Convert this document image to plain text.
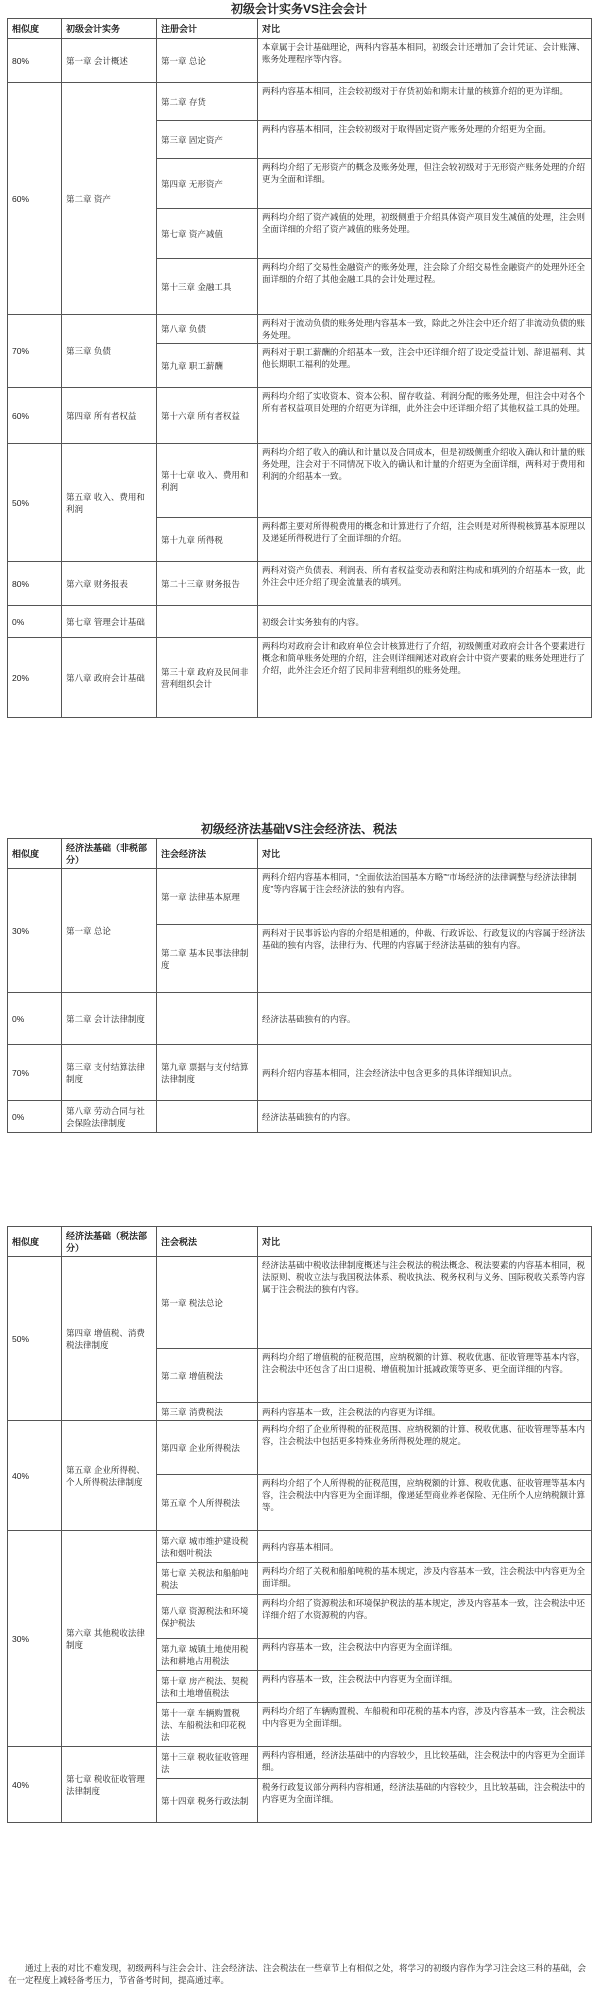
初级会计实务VS注会会计
相似度	初级会计实务	注册会计	对比
80%	第一章 会计概述	第一章 总论	本章属于会计基础理论，两科内容基本相同，初级会计还增加了会计凭证、会计账簿、账务处理程序等内容。
60%	第二章 资产	第二章 存货	两科内容基本相同，注会较初级对于存货初始和期末计量的核算介绍的更为详细。
		第三章 固定资产	两科内容基本相同，注会较初级对于取得固定资产账务处理的介绍更为全面。
		第四章 无形资产	两科均介绍了无形资产的概念及账务处理，但注会较初级对于无形资产账务处理的介绍更为全面和详细。
		第七章 资产减值	两科均介绍了资产减值的处理，初级侧重于介绍具体资产项目发生减值的处理，注会则全面详细的介绍了资产减值的账务处理。
		第十三章 金融工具	两科均介绍了交易性金融资产的账务处理，注会除了介绍交易性金融资产的处理外还全面详细的介绍了其他金融工具的会计处理过程。

70%	第三章 负债	第八章 负债	两科对于流动负债的账务处理内容基本一致，除此之外注会中还介绍了非流动负债的账务处理。
		第九章 职工薪酬	两科对于职工薪酬的介绍基本一致，注会中还详细介绍了设定受益计划、辞退福利、其他长期职工福利的处理。
60%	第四章 所有者权益	第十六章 所有者权益	两科均介绍了实收资本、资本公积、留存收益、利润分配的账务处理，但注会中对各个所有者权益项目处理的介绍更为详细，此外注会中还详细介绍了其他权益工具的处理。
50%	第五章 收入、费用和利润	第十七章 收入、费用和利润	两科均介绍了收入的确认和计量以及合同成本，但是初级侧重介绍收入确认和计量的账务处理，注会对于不同情况下收入的确认和计量的介绍更为全面详细，两科对于费用和利润的介绍基本一致。
		第十九章 所得税	两科都主要对所得税费用的概念和计算进行了介绍，注会则是对所得税核算基本原理以及递延所得税进行了全面详细的介绍。
80%	第六章 财务报表	第二十三章 财务报告	两科对资产负债表、利润表、所有者权益变动表和附注构成和填列的介绍基本一致，此外注会中还介绍了现金流量表的填列。
0%	第七章 管理会计基础		初级会计实务独有的内容。
20%	第八章 政府会计基础	第三十章 政府及民间非营利组织会计	两科均对政府会计和政府单位会计核算进行了介绍，初级侧重对政府会计各个要素进行概念和简单账务处理的介绍，注会则详细阐述对政府会计中资产要素的账务处理进行了介绍，此外注会还介绍了民间非营利组织的账务处理。
初级经济法基础VS注会经济法、税法
相似度	经济法基础（非税部分）	注会经济法	对比
30%	第一章 总论	第一章 法律基本原理	两科介绍内容基本相同，“全面依法治国基本方略”“市场经济的法律调整与经济法律制度”等内容属于注会经济法的独有内容。
		第二章 基本民事法律制度	两科对于民事诉讼内容的介绍是相通的，仲裁、行政诉讼、行政复议的内容属于经济法基础的独有内容，法律行为、代理的内容属于经济法基础的独有内容。
0%	第二章 会计法律制度		经济法基础独有的内容。
70%	第三章 支付结算法律制度	第九章 票据与支付结算法律制度	两科介绍内容基本相同，注会经济法中包含更多的具体详细知识点。
0%	第八章 劳动合同与社会保险法律制度		经济法基础独有的内容。
相似度	经济法基础（税法部分）	注会税法	对比
50%	第四章 增值税、消费税法律制度	第一章 税法总论	经济法基础中税收法律制度概述与注会税法的税法概念、税法要素的内容基本相同，税法原则、税收立法与我国税法体系、税收执法、税务权利与义务、国际税收关系等内容属于注会税法的独有内容。
		第二章 增值税法	两科均介绍了增值税的征税范围，应纳税额的计算、税收优惠、征收管理等基本内容，注会税法中还包含了出口退税、增值税加计抵减政策等更多、更全面详细的内容。
		第三章 消费税法	两科内容基本一致，注会税法的内容更为详细。
40%	第五章 企业所得税、个人所得税法律制度	第四章 企业所得税法	两科均介绍了企业所得税的征税范围、应纳税额的计算、税收优惠、征收管理等基本内容，注会税法中包括更多特殊业务所得税处理的规定。
		第五章 个人所得税法	两科均介绍了个人所得税的征税范围，应纳税额的计算、税收优惠、征收管理等基本内容，注会税法中内容更为全面详细，像递延型商业养老保险、无住所个人应纳税额计算等。
30%	第六章 其他税收法律制度	第六章 城市维护建设税法和烟叶税法	两科内容基本相同。
		第七章 关税法和船舶吨税法	两科均介绍了关税和船舶吨税的基本规定，涉及内容基本一致，注会税法中内容更为全面详细。
		第八章 资源税法和环境保护税法	两科均介绍了资源税法和环境保护税法的基本规定，涉及内容基本一致，注会税法中还详细介绍了水资源税的内容。
		第九章 城镇土地使用税法和耕地占用税法	两科内容基本一致，注会税法中内容更为全面详细。
		第十章 房产税法、契税法和土地增值税法	两科内容基本一致，注会税法中内容更为全面详细。
		第十一章 车辆购置税法、车船税法和印花税法	两科均介绍了车辆购置税、车船税和印花税的基本内容，涉及内容基本一致，注会税法中内容更为全面详细。
40%	第七章 税收征收管理法律制度	第十三章 税收征收管理法	两科内容相通，经济法基础中的内容较少，且比较基础，注会税法中的内容更为全面详细。
		第十四章 税务行政法制	税务行政复议部分两科内容相通，经济法基础的内容较少，且比较基础，注会税法中的内容更为全面详细。
通过上表的对比不难发现，初级两科与注会会计、注会经济法、注会税法在一些章节上有相似之处，将学习的初级内容作为学习注会这三科的基础，会在一定程度上减轻备考压力，节省备考时间，提高通过率。
